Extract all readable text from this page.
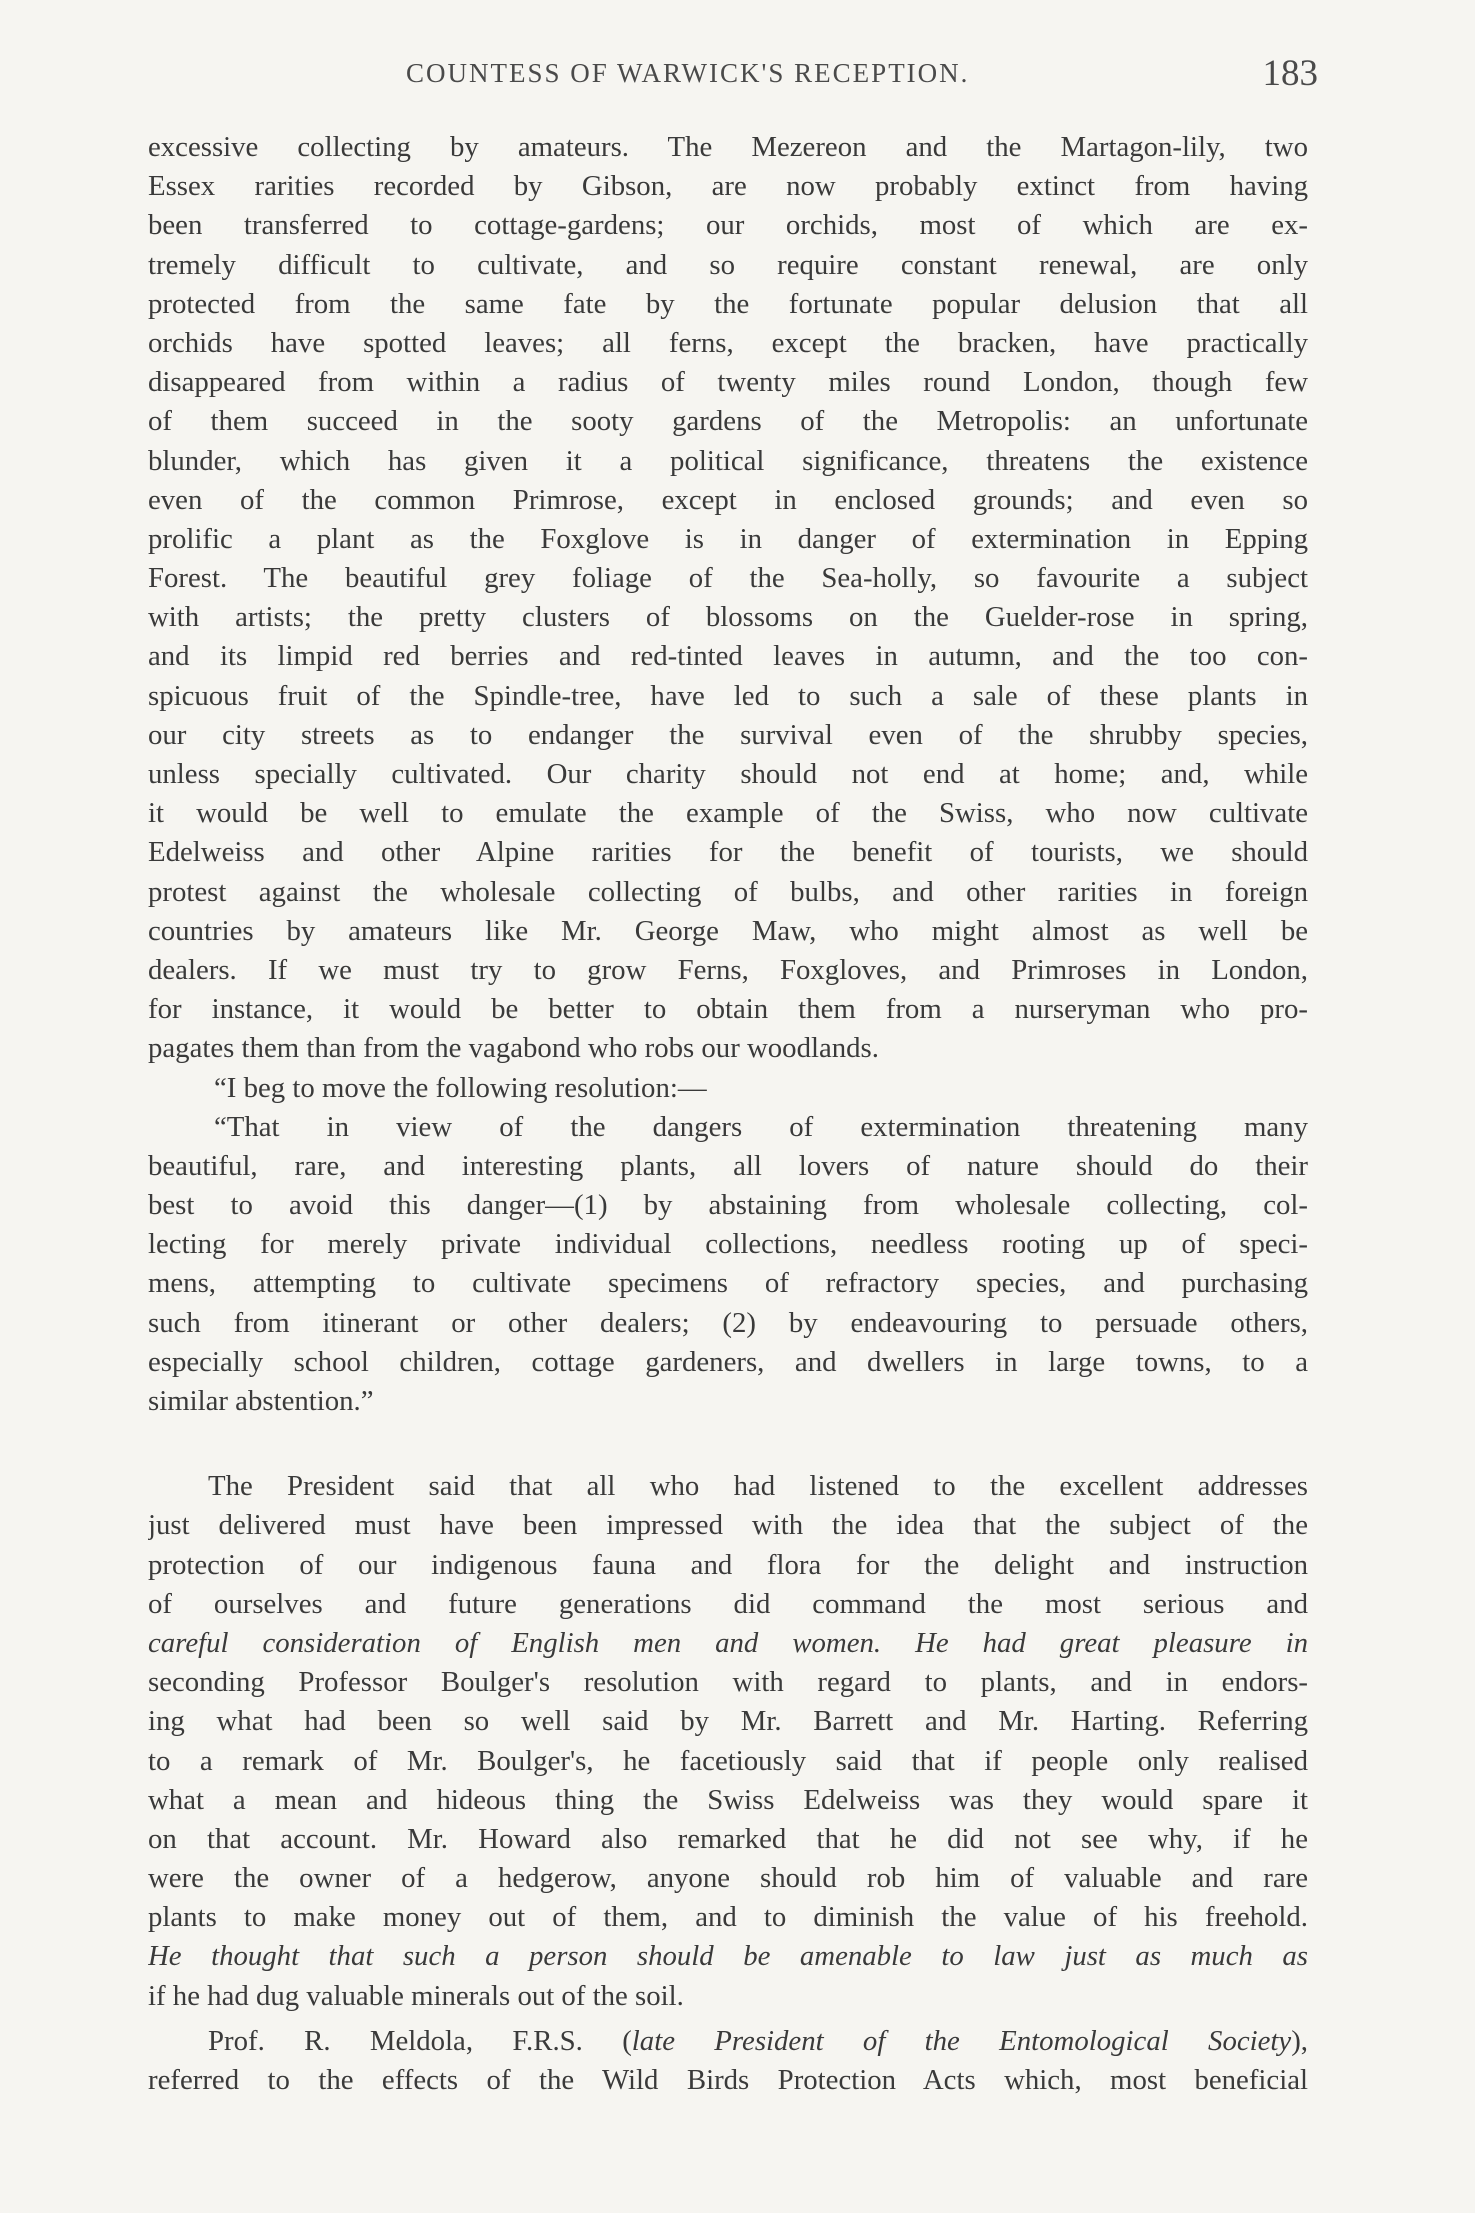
COUNTESS OF WARWICK'S RECEPTION.	183
excessive collecting by amateurs. The Mezereon and the Martagon-lily, two
Essex rarities recorded by Gibson, are now probably extinct from having
been transferred to cottage-gardens; our orchids, most of which are ex-
tremely difficult to cultivate, and so require constant renewal, are only
protected from the same fate by the fortunate popular delusion that all
orchids have spotted leaves; all ferns, except the bracken, have practically
disappeared from within a radius of twenty miles round London, though few
of them succeed in the sooty gardens of the Metropolis: an unfortunate
blunder, which has given it a political significance, threatens the existence
even of the common Primrose, except in enclosed grounds; and even so
prolific a plant as the Foxglove is in danger of extermination in Epping
Forest. The beautiful grey foliage of the Sea-holly, so favourite a subject
with artists; the pretty clusters of blossoms on the Guelder-rose in spring,
and its limpid red berries and red-tinted leaves in autumn, and the too con-
spicuous fruit of the Spindle-tree, have led to such a sale of these plants in
our city streets as to endanger the survival even of the shrubby species,
unless specially cultivated. Our charity should not end at home; and, while
it would be well to emulate the example of the Swiss, who now cultivate
Edelweiss and other Alpine rarities for the benefit of tourists, we should
protest against the wholesale collecting of bulbs, and other rarities in foreign
countries by amateurs like Mr. George Maw, who might almost as well be
dealers. If we must try to grow Ferns, Foxgloves, and Primroses in London,
for instance, it would be better to obtain them from a nurseryman who pro-
pagates them than from the vagabond who robs our woodlands.
“I beg to move the following resolution:—
“That in view of the dangers of extermination threatening many
beautiful, rare, and interesting plants, all lovers of nature should do their
best to avoid this danger—(1) by abstaining from wholesale collecting, col-
lecting for merely private individual collections, needless rooting up of speci-
mens, attempting to cultivate specimens of refractory species, and purchasing
such from itinerant or other dealers; (2) by endeavouring to persuade others,
especially school children, cottage gardeners, and dwellers in large towns, to a
similar abstention.”
The President said that all who had listened to the excellent addresses
just delivered must have been impressed with the idea that the subject of the
protection of our indigenous fauna and flora for the delight and instruction
of ourselves and future generations did command the most serious and
careful consideration of English men and women. He had great pleasure in
seconding Professor Boulger's resolution with regard to plants, and in endors-
ing what had been so well said by Mr. Barrett and Mr. Harting. Referring
to a remark of Mr. Boulger's, he facetiously said that if people only realised
what a mean and hideous thing the Swiss Edelweiss was they would spare it
on that account. Mr. Howard also remarked that he did not see why, if he
were the owner of a hedgerow, anyone should rob him of valuable and rare
plants to make money out of them, and to diminish the value of his freehold.
He thought that such a person should be amenable to law just as much as
if he had dug valuable minerals out of the soil.
Prof. R. Meldola, F.R.S. (late President of the Entomological Society),
referred to the effects of the Wild Birds Protection Acts which, most beneficial
